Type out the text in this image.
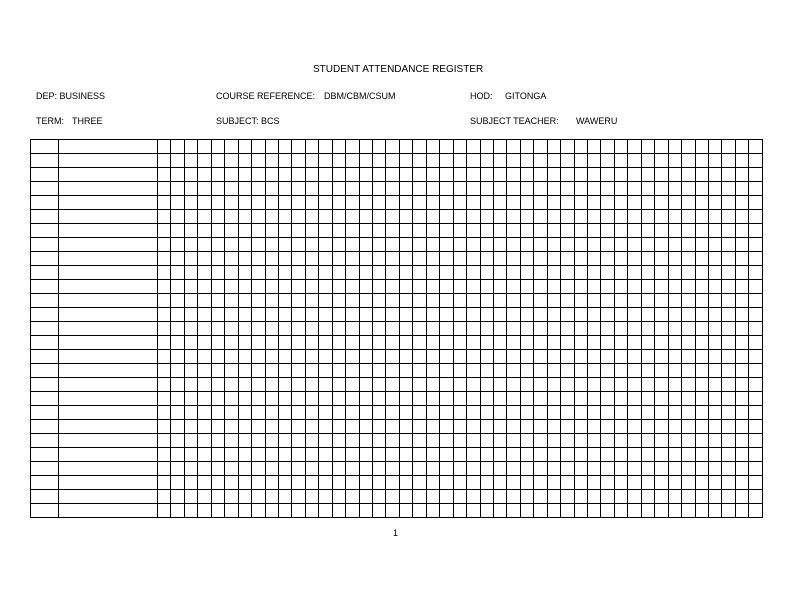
STUDENT ATTENDANCE REGISTER
DEP: BUSINESS	COURSE REFERENCE: DBM/CBM/CSUM	HOD: GITONGA
TERM: THREE	SUBJECT: BCS	SUBJECT TEACHER: WAWERU

1
